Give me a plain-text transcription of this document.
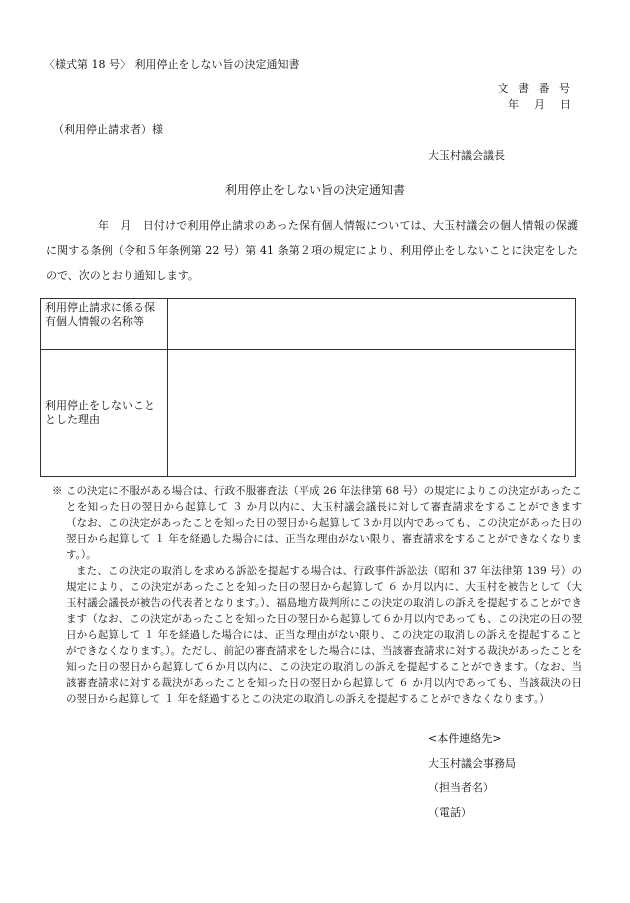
〈様式第 18 号〉 利用停止をしない旨の決定通知書
文 書 番 号
年　月　日
（利用停止請求者）様
大玉村議会議長
利用停止をしない旨の決定通知書
年　月　日付けで利用停止請求のあった保有個人情報については、大玉村議会の個人情報の保護に関する条例（令和５年条例第 22 号）第 41 条第２項の規定により、利用停止をしないことに決定をしたので、次のとおり通知します。
利用停止請求に係る保有個人情報の名称等	
利用停止をしないこととした理由	

※ この決定に不服がある場合は、行政不服審査法（平成 26 年法律第 68 号）の規定によりこの決定があったことを知った日の翌日から起算して ３ か月以内に、大玉村議会議長に対して審査請求をすることができます（なお、この決定があったことを知った日の翌日から起算して３か月以内であっても、この決定があった日の翌日から起算して １ 年を経過した場合には、正当な理由がない限り、審査請求をすることができなくなります。）。

また、この決定の取消しを求める訴訟を提起する場合は、行政事件訴訟法（昭和 37 年法律第 139 号）の規定により、この決定があったことを知った日の翌日から起算して ６ か月以内に、大玉村を被告として（大玉村議会議長が被告の代表者となります。）、福島地方裁判所にこの決定の取消しの訴えを提起することができます（なお、この決定があったことを知った日の翌日から起算して６か月以内であっても、この決定の日の翌日から起算して １ 年を経過した場合には、正当な理由がない限り、この決定の取消しの訴えを提起することができなくなります。）。ただし、前記の審査請求をした場合には、当該審査請求に対する裁決があったことを知った日の翌日から起算して６か月以内に、この決定の取消しの訴えを提起することができます。（なお、当該審査請求に対する裁決があったことを知った日の翌日から起算して ６ か月以内であっても、当該裁決の日の翌日から起算して １ 年を経過するとこの決定の取消しの訴えを提起することができなくなります。）

<本件連絡先>
大玉村議会事務局
（担当者名）
（電話）
